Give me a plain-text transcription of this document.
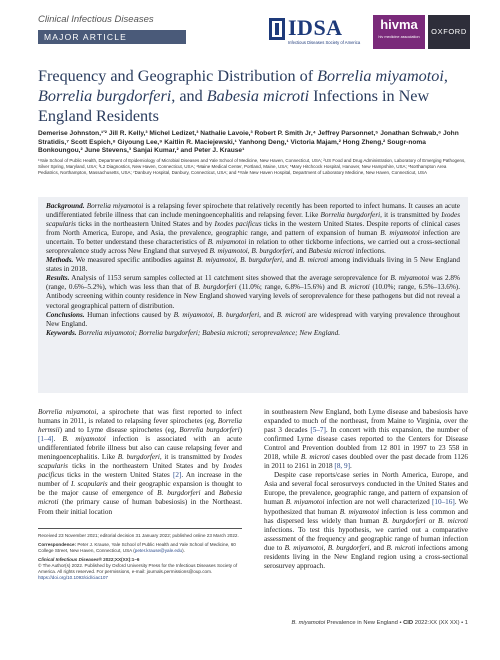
Clinical Infectious Diseases
MAJOR ARTICLE	IDSA
Infectious Diseases Society of America
hivma
hiv medicine association
OXFORD
Frequency and Geographic Distribution of Borrelia miyamotoi, Borrelia burgdorferi, and Babesia microti Infections in New England Residents
Demerise Johnston,¹ʹ² Jill R. Kelly,³ Michel Ledizet,³ Nathalie Lavoie,³ Robert P. Smith Jr,⁴ Jeffrey Parsonnet,⁵ Jonathan Schwab,⁶ John Stratidis,⁷ Scott Espich,⁸ Giyoung Lee,⁹ Kaitlin R. Maciejewski,¹ Yanhong Deng,¹ Victoria Majam,² Hong Zheng,² Sougr-noma Bonkoungou,² June Stevens,³ Sanjai Kumar,² and Peter J. Krause¹
¹Yale School of Public Health, Department of Epidemiology of Microbial Diseases and Yale School of Medicine, New Haven, Connecticut, USA; ²US Food and Drug Administration, Laboratory of Emerging Pathogens, Silver Spring, Maryland, USA; ³L2 Diagnostics, New Haven, Connecticut, USA; ⁴Maine Medical Center, Portland, Maine, USA; ⁵Mary Hitchcock Hospital, Hanover, New Hampshire, USA; ⁶Northampton Area Pediatrics, Northampton, Massachusetts, USA; ⁷Danbury Hospital, Danbury, Connecticut, USA; and ⁸Yale New Haven Hospital, Department of Laboratory Medicine, New Haven, Connecticut, USA

Background. Borrelia miyamotoi is a relapsing fever spirochete that relatively recently has been reported to infect humans. It causes an acute undifferentiated febrile illness that can include meningoencephalitis and relapsing fever. Like Borrelia burgdorferi, it is transmitted by Ixodes scapularis ticks in the northeastern United States and by Ixodes pacificus ticks in the western United States. Despite reports of clinical cases from North America, Europe, and Asia, the prevalence, geographic range, and pattern of expansion of human B. miyamotoi infection are uncertain. To better understand these characteristics of B. miyamotoi in relation to other tickborne infections, we carried out a cross-sectional seroprevalence study across New England that surveyed B. miyamotoi, B. burgdorferi, and Babesia microti infections.

Methods. We measured specific antibodies against B. miyamotoi, B. burgdorferi, and B. microti among individuals living in 5 New England states in 2018.

Results. Analysis of 1153 serum samples collected at 11 catchment sites showed that the average seroprevalence for B. miyamotoi was 2.8% (range, 0.6%–5.2%), which was less than that of B. burgdorferi (11.0%; range, 6.8%–15.6%) and B. microti (10.0%; range, 6.5%–13.6%). Antibody screening within county residence in New England showed varying levels of seroprevalence for these pathogens but did not reveal a vectoral geographical pattern of distribution.

Conclusions. Human infections caused by B. miyamotoi, B. burgdorferi, and B. microti are widespread with varying prevalence throughout New England.

Keywords. Borrelia miyamotoi; Borrelia burgdorferi; Babesia microti; seroprevalence; New England.

Borrelia miyamotoi, a spirochete that was first reported to infect humans in 2011, is related to relapsing fever spirochetes (eg, Borrelia hermsii) and to Lyme disease spirochetes (eg, Borrelia burgdorferi) [1–4]. B. miyamotoi infection is associated with an acute undifferentiated febrile illness but also can cause relapsing fever and meningoencephalitis. Like B. burgdorferi, it is transmitted by Ixodes scapularis ticks in the northeastern United States and by Ixodes pacificus ticks in the western United States [2]. An increase in the number of I. scapularis and their geographic expansion is thought to be the major cause of emergence of B. burgdorferi and Babesia microti (the primary cause of human babesiosis) in the Northeast. From their initial location

Received 23 November 2021; editorial decision 31 January 2022; published online 23 March 2022.
Correspondence: Peter J. Krause, Yale School of Public Health and Yale School of Medicine, 60 College Street, New Haven, Connecticut, USA (peter.krause@yale.edu).
Clinical Infectious Diseases® 2022;XX(XX):1–6
© The Author(s) 2022. Published by Oxford University Press for the Infectious Diseases Society of America. All rights reserved. For permissions, e-mail: journals.permissions@oup.com.
https://doi.org/10.1093/cid/ciac107

in southeastern New England, both Lyme disease and babesiosis have expanded to much of the northeast, from Maine to Virginia, over the past 3 decades [5–7]. In concert with this expansion, the number of confirmed Lyme disease cases reported to the Centers for Disease Control and Prevention doubled from 12 801 in 1997 to 23 558 in 2018, while B. microti cases doubled over the past decade from 1126 in 2011 to 2161 in 2018 [8, 9].

Despite case reports/case series in North America, Europe, and Asia and several focal serosurveys conducted in the United States and Europe, the prevalence, geographic range, and pattern of expansion of human B. miyamotoi infection are not well characterized [10–16]. We hypothesized that human B. miyamotoi infection is less common and has dispersed less widely than human B. burgdorferi or B. microti infections. To test this hypothesis, we carried out a comparative assessment of the frequency and geographic range of human infection due to B. miyamotoi, B. burgdorferi, and B. microti infections among residents living in the New England region using a cross-sectional serosurvey approach.

B. miyamotoi Prevalence in New England • CID 2022:XX (XX XX) • 1
